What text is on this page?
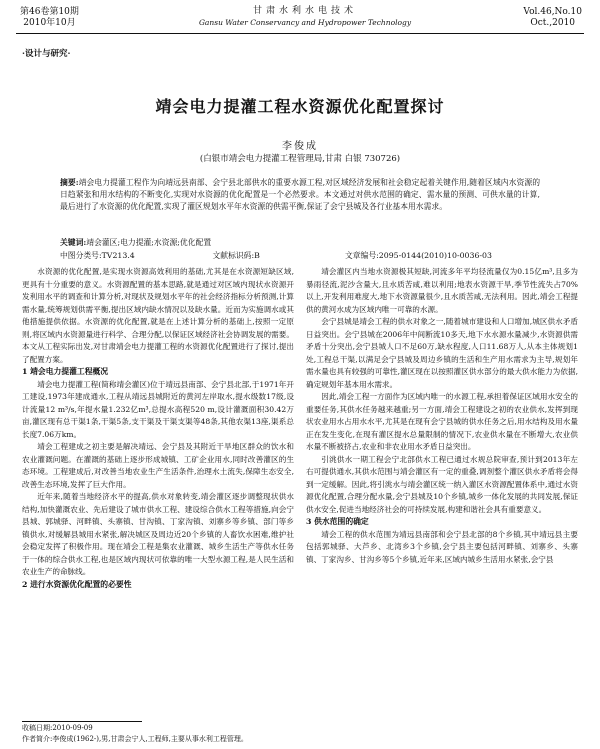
第46卷第10期
2010年10月
甘肃水利水电技术
Gansu Water Conservancy and Hydropower Technology
Vol.46,No.10
Oct.,2010
·设计与研究·
靖会电力提灌工程水资源优化配置探讨
李俊成
(白银市靖会电力提灌工程管理局,甘肃 白银 730726)
摘要:靖会电力提灌工程作为向靖远县南部、会宁县北部供水的重要水源工程,对区域经济发展和社会稳定起着关键作用,随着区域内水资源的日趋紧张和用水结构的不断变化,实现对水资源的优化配置是一个必然要求。本文通过对供水范围的确定、需水量的预测、可供水量的计算,最后进行了水资源的优化配置,实现了灌区规划水平年水资源的供需平衡,保证了会宁县城及各行业基本用水需求。
关键词:靖会灌区;电力提灌;水资源;优化配置
中图分类号:TV213.4	文献标识码:B	文章编号:2095-0144(2010)10-0036-03

水资源的优化配置,是实现水资源高效利用的基础,尤其是在水资源短缺区域,更具有十分重要的意义。水资源配置的基本思路,就是通过对区域内现状水资源开发利用水平的调查和计算分析,对现状及规划水平年的社会经济指标分析预测,计算需水量,统筹规划供需平衡,提出区域内缺水情况以及缺水量。近而为实施调水或其他措施提供依据。水资源的优化配置,就是在上述计算分析的基础上,按照一定原则,将区域内水资源量进行科学、合理分配,以保证区域经济社会协调发展的需要。本文从工程实际出发,对甘肃靖会电力提灌工程的水资源优化配置进行了探讨,提出了配置方案。

1 靖会电力提灌工程概况

靖会电力提灌工程(简称靖会灌区)位于靖远县南部、会宁县北部,于1971年开工建设,1973年建成通水,工程从靖远县城附近的黄河左岸取水,提水级数17级,设计流量12 m³/s,年提水量1.232亿m³,总提水高程520 m,设计灌溉面积30.42万亩,灌区现有总干渠1条,干渠5条,支干渠及干渠支渠等48条,其他农渠13座,渠系总长度7.06万km。

靖会工程建成之初主要是解决靖远、会宁县及其附近干旱地区群众的饮水和农业灌溉问题。在灌溉的基础上逐步形成城镇、工矿企业用水,同时改善灌区的生态环境。工程建成后,对改善当地农业生产生活条件,治理水土流失,保障生态安全,改善生态环境,发挥了巨大作用。

近年来,随着当地经济水平的提高,供水对象转变,靖会灌区逐步调整现状供水结构,加快灌溉农业、先后建设了城市供水工程、建设综合供水工程等措施,向会宁县城、郭城驿、河畔镇、头寨镇、甘沟镇、丁家沟镇、刘寨乡等乡镇、部门等乡镇供水,对缓解县城用水紧张,解决城区及周边近20个乡镇的人畜饮水困难,维护社会稳定发挥了积极作用。现在靖会工程是集农业灌溉、城乡生活生产等供水任务于一体的综合供水工程,也是区域内现状可依靠的唯一大型水源工程,是人民生活和农业生产的命脉线。

2 进行水资源优化配置的必要性

靖会灌区内当地水资源极其短缺,河流多年平均径流量仅为0.15亿m³,且多为暴雨径流,泥沙含量大,且水质苦咸,难以利用;地表水资源干旱,季节性流失占70%以上,开发利用难度大,地下水资源量很少,且水质苦咸,无法利用。因此,靖会工程提供的黄河水成为区域内唯一可靠的水源。

会宁县城是靖会工程的供水对象之一,随着城市建设和人口增加,城区供水矛盾日益突出。会宁县城在2006年中间断流10多天,地下水水源水量减少,水资源供需矛盾十分突出,会宁县城人口不足60万,缺水程度,人口11.68万人,从本主体规划1处,工程总干渠,以满足会宁县城及周边乡镇的生活和生产用水需求为主导,规划年需水量也具有较强的可靠性,灌区现在以按照灌区供水部分的最大供水能力为依据,确定规划年基本用水需求。

因此,靖会工程一方面作为区域内唯一的水源工程,承担着保证区域用水安全的重要任务,其供水任务越来越重;另一方面,靖会工程建设之初的农业供水,发挥到现状农业用水占用水水平,尤其是在现有会宁县城的供水任务之后,用水结构及用水量正在发生变化,在现有灌区提水总量限制的情况下,农业供水量在不断增大,农业供水量不断被挤占,农业和非农业用水矛盾日益突出。

引洮供水一期工程会宁北部供水工程已通过水规总院审查,预计到2013年左右可提供通水,其供水范围与靖会灌区有一定的重叠,调剂整个灌区供水矛盾将会得到一定缓解。因此,将引洮水与靖会灌区统一纳入灌区水资源配置体系中,通过水资源优化配置,合理分配水量,会宁县城及10个乡镇,城乡一体化发展的共同发展,保证供水安全,促进当地经济社会的可持续发展,构建和谐社会具有重要意义。

3 供水范围的确定

靖会工程的供水范围为靖远县南部和会宁县北部的8个乡镇,其中靖远县主要包括郭城驿、大芦乡、北湾乡3个乡镇,会宁县主要包括河畔镇、刘寨乡、头寨镇、丁家沟乡、甘沟乡等5个乡镇,近年来,区域内城乡生活用水紧张,会宁县

收稿日期:2010-09-09
作者简介:李俊成(1962-),男,甘肃会宁人,工程师,主要从事水利工程管理。
